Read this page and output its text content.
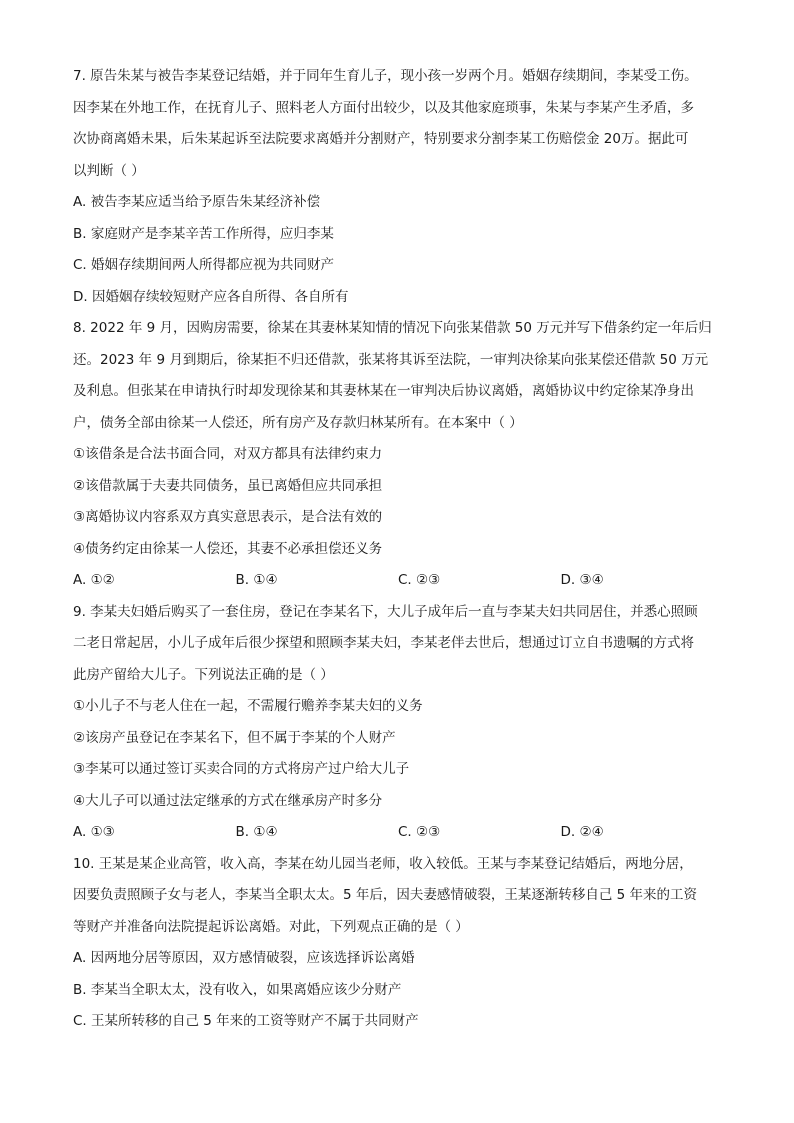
7. 原告朱某与被告李某登记结婚，并于同年生育儿子，现小孩一岁两个月。婚姻存续期间，李某受工伤。
因李某在外地工作，在抚育儿子、照料老人方面付出较少，以及其他家庭琐事，朱某与李某产生矛盾，多
次协商离婚未果，后朱某起诉至法院要求离婚并分割财产，特别要求分割李某工伤赔偿金 20万。据此可
以判断（ ）
A. 被告李某应适当给予原告朱某经济补偿
B. 家庭财产是李某辛苦工作所得，应归李某
C. 婚姻存续期间两人所得都应视为共同财产
D. 因婚姻存续较短财产应各自所得、各自所有
8. 2022 年 9 月，因购房需要，徐某在其妻林某知情的情况下向张某借款 50 万元并写下借条约定一年后归
还。2023 年 9 月到期后，徐某拒不归还借款，张某将其诉至法院，一审判决徐某向张某偿还借款 50 万元
及利息。但张某在申请执行时却发现徐某和其妻林某在一审判决后协议离婚，离婚协议中约定徐某净身出
户，债务全部由徐某一人偿还，所有房产及存款归林某所有。在本案中（ ）
①该借条是合法书面合同，对双方都具有法律约束力
②该借款属于夫妻共同债务，虽已离婚但应共同承担
③离婚协议内容系双方真实意思表示，是合法有效的
④债务约定由徐某一人偿还，其妻不必承担偿还义务
A. ①②	B. ①④	C. ②③	D. ③④
9. 李某夫妇婚后购买了一套住房，登记在李某名下，大儿子成年后一直与李某夫妇共同居住，并悉心照顾
二老日常起居，小儿子成年后很少探望和照顾李某夫妇，李某老伴去世后，想通过订立自书遗嘱的方式将
此房产留给大儿子。下列说法正确的是（ ）
①小儿子不与老人住在一起，不需履行赡养李某夫妇的义务
②该房产虽登记在李某名下，但不属于李某的个人财产
③李某可以通过签订买卖合同的方式将房产过户给大儿子
④大儿子可以通过法定继承的方式在继承房产时多分
A. ①③	B. ①④	C. ②③	D. ②④
10. 王某是某企业高管，收入高，李某在幼儿园当老师，收入较低。王某与李某登记结婚后，两地分居，
因要负责照顾子女与老人，李某当全职太太。5 年后，因夫妻感情破裂，王某逐渐转移自己 5 年来的工资
等财产并准备向法院提起诉讼离婚。对此，下列观点正确的是（ ）
A. 因两地分居等原因，双方感情破裂，应该选择诉讼离婚
B. 李某当全职太太，没有收入，如果离婚应该少分财产
C. 王某所转移的自己 5 年来的工资等财产不属于共同财产
